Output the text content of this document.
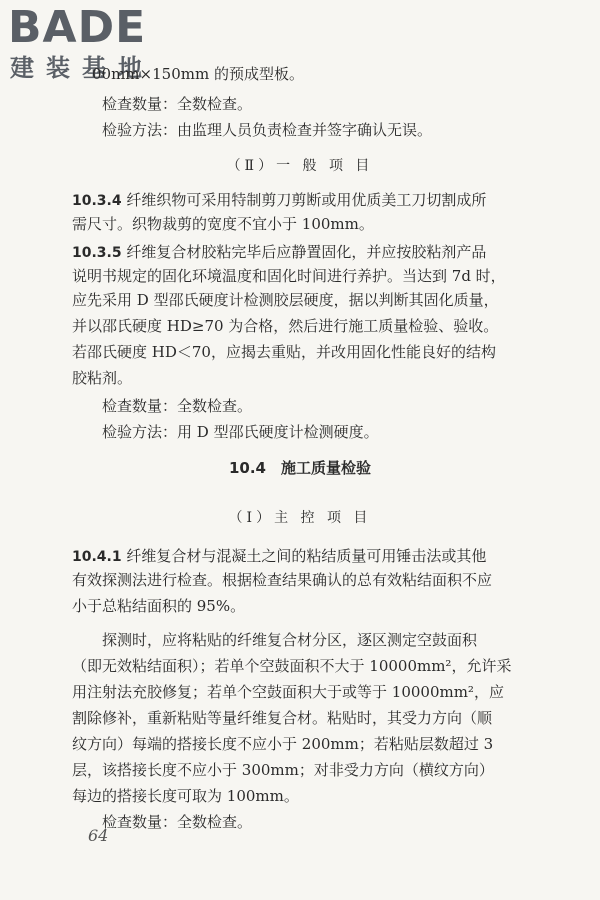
BADE
建装基地
00mm×150mm 的预成型板。
检查数量：全数检查。
检验方法：由监理人员负责检查并签字确认无误。
（Ⅱ）一 般 项 目
10.3.4 纤维织物可采用特制剪刀剪断或用优质美工刀切割成所
需尺寸。织物裁剪的宽度不宜小于 100mm。
10.3.5 纤维复合材胶粘完毕后应静置固化，并应按胶粘剂产品
说明书规定的固化环境温度和固化时间进行养护。当达到 7d 时，
应先采用 D 型邵氏硬度计检测胶层硬度，据以判断其固化质量，
并以邵氏硬度 HD≥70 为合格，然后进行施工质量检验、验收。
若邵氏硬度 HD＜70，应揭去重贴，并改用固化性能良好的结构
胶粘剂。
检查数量：全数检查。
检验方法：用 D 型邵氏硬度计检测硬度。
10.4　施工质量检验
（Ⅰ）主 控 项 目
10.4.1 纤维复合材与混凝土之间的粘结质量可用锤击法或其他
有效探测法进行检查。根据检查结果确认的总有效粘结面积不应
小于总粘结面积的 95%。
探测时，应将粘贴的纤维复合材分区，逐区测定空鼓面积
（即无效粘结面积）；若单个空鼓面积不大于 10000mm²，允许采
用注射法充胶修复；若单个空鼓面积大于或等于 10000mm²，应
割除修补，重新粘贴等量纤维复合材。粘贴时，其受力方向（顺
纹方向）每端的搭接长度不应小于 200mm；若粘贴层数超过 3
层，该搭接长度不应小于 300mm；对非受力方向（横纹方向）
每边的搭接长度可取为 100mm。
检查数量：全数检查。
64
